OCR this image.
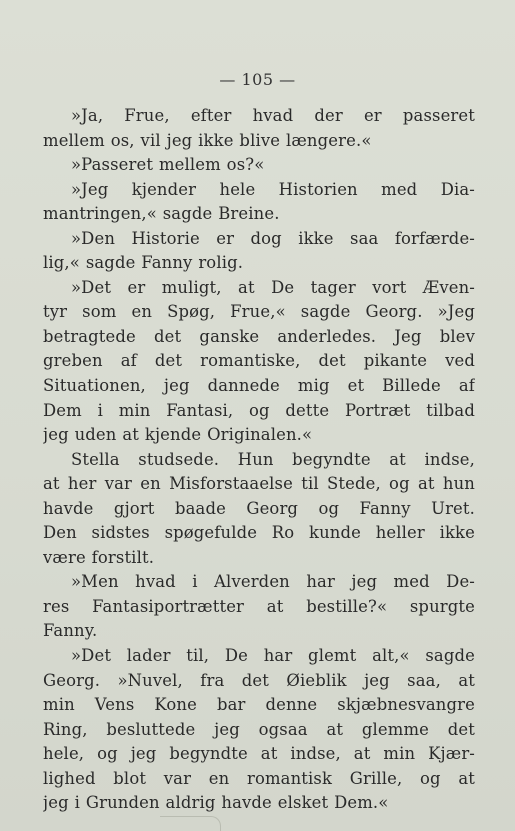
— 105 —
»Ja, Frue, efter hvad der er passeret
mellem os, vil jeg ikke blive længere.«
»Passeret mellem os?«
»Jeg kjender hele Historien med Dia-
mantringen,« sagde Breine.
»Den Historie er dog ikke saa forfærde-
lig,« sagde Fanny rolig.
»Det er muligt, at De tager vort Æven-
tyr som en Spøg, Frue,« sagde Georg. »Jeg
betragtede det ganske anderledes. Jeg blev
greben af det romantiske, det pikante ved
Situationen, jeg dannede mig et Billede af
Dem i min Fantasi, og dette Portræt tilbad
jeg uden at kjende Originalen.«
Stella studsede. Hun begyndte at indse,
at her var en Misforstaaelse til Stede, og at hun
havde gjort baade Georg og Fanny Uret.
Den sidstes spøgefulde Ro kunde heller ikke
være forstilt.
»Men hvad i Alverden har jeg med De-
res Fantasiportrætter at bestille?« spurgte
Fanny.
»Det lader til, De har glemt alt,« sagde
Georg. »Nuvel, fra det Øieblik jeg saa, at
min Vens Kone bar denne skjæbnesvangre
Ring, besluttede jeg ogsaa at glemme det
hele, og jeg begyndte at indse, at min Kjær-
lighed blot var en romantisk Grille, og at
jeg i Grunden aldrig havde elsket Dem.«
